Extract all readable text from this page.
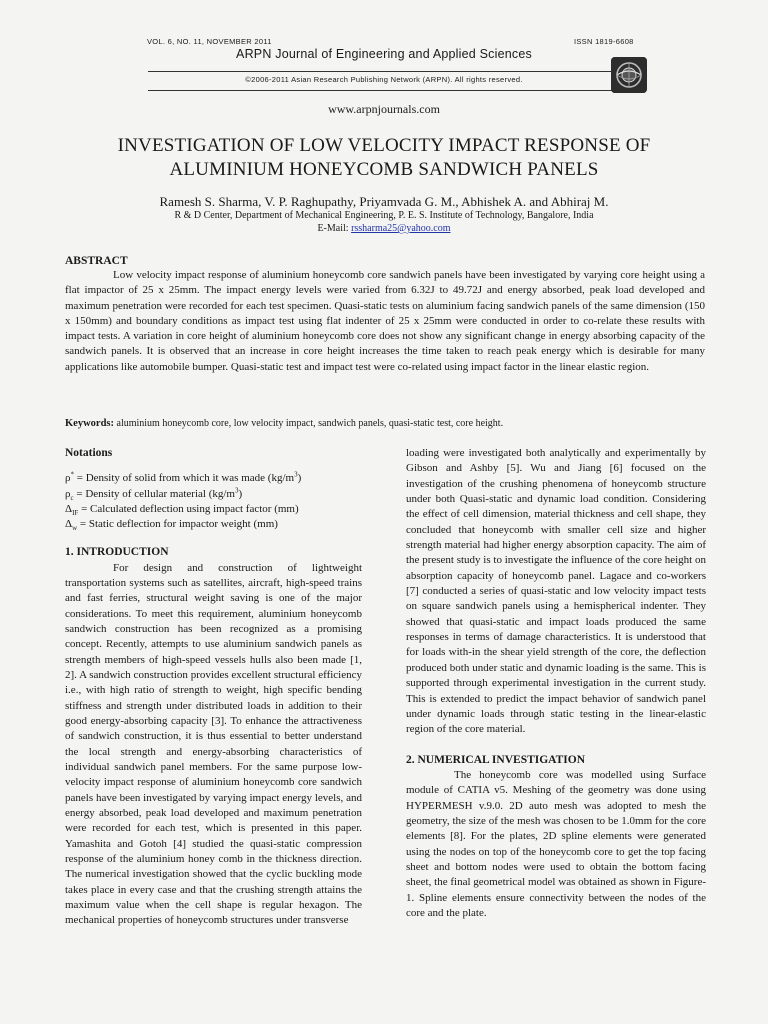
VOL. 6, NO. 11, NOVEMBER 2011	ISSN 1819-6608
ARPN Journal of Engineering and Applied Sciences
©2006-2011 Asian Research Publishing Network (ARPN). All rights reserved.
www.arpnjournals.com
INVESTIGATION OF LOW VELOCITY IMPACT RESPONSE OF
ALUMINIUM HONEYCOMB SANDWICH PANELS
Ramesh S. Sharma, V. P. Raghupathy, Priyamvada G. M., Abhishek A. and Abhiraj M.
R & D Center, Department of Mechanical Engineering, P. E. S. Institute of Technology, Bangalore, India
E-Mail: rssharma25@yahoo.com
ABSTRACT

Low velocity impact response of aluminium honeycomb core sandwich panels have been investigated by varying core height using a flat impactor of 25 x 25mm. The impact energy levels were varied from 6.32J to 49.72J and energy absorbed, peak load developed and maximum penetration were recorded for each test specimen. Quasi-static tests on aluminium facing sandwich panels of the same dimension (150 x 150mm) and boundary conditions as impact test using flat indenter of 25 x 25mm were conducted in order to co-relate these results with impact tests. A variation in core height of aluminium honeycomb core does not show any significant change in energy absorbing capacity of the sandwich panels. It is observed that an increase in core height increases the time taken to reach peak energy which is desirable for many applications like automobile bumper. Quasi-static test and impact test were co-related using impact factor in the linear elastic region.

Keywords: aluminium honeycomb core, low velocity impact, sandwich panels, quasi-static test, core height.

Notations

ρ* = Density of solid from which it was made $(kg/m^3)$
$\rho_c$ = Density of cellular material $(kg/m^3)$
$\Delta_{IF}$ = Calculated deflection using impact factor (mm)
$\Delta_w$ = Static deflection for impactor weight (mm)

1. INTRODUCTION

For design and construction of lightweight transportation systems such as satellites, aircraft, high-speed trains and fast ferries, structural weight saving is one of the major considerations. To meet this requirement, aluminium honeycomb sandwich construction has been recognized as a promising concept. Recently, attempts to use aluminium sandwich panels as strength members of high-speed vessels hulls also been made [1, 2]. A sandwich construction provides excellent structural efficiency i.e., with high ratio of strength to weight, high specific bending stiffness and strength under distributed loads in addition to their good energy-absorbing capacity [3]. To enhance the attractiveness of sandwich construction, it is thus essential to better understand the local strength and energy-absorbing characteristics of individual sandwich panel members. For the same purpose low-velocity impact response of aluminium honeycomb core sandwich panels have been investigated by varying impact energy levels, and energy absorbed, peak load developed and maximum penetration were recorded for each test, which is presented in this paper. Yamashita and Gotoh [4] studied the quasi-static compression response of the aluminium honey comb in the thickness direction. The numerical investigation showed that the cyclic buckling mode takes place in every case and that the crushing strength attains the maximum value when the cell shape is regular hexagon. The mechanical properties of honeycomb structures under transverse

loading were investigated both analytically and experimentally by Gibson and Ashby [5]. Wu and Jiang [6] focused on the investigation of the crushing phenomena of honeycomb structure under both Quasi-static and dynamic load condition. Considering the effect of cell dimension, material thickness and cell shape, they concluded that honeycomb with smaller cell size and higher strength material had higher energy absorption capacity. The aim of the present study is to investigate the influence of the core height on absorption capacity of honeycomb panel. Lagace and co-workers [7] conducted a series of quasi-static and low velocity impact tests on square sandwich panels using a hemispherical indenter. They showed that quasi-static and impact loads produced the same responses in terms of damage characteristics. It is understood that for loads with-in the shear yield strength of the core, the deflection produced both under static and dynamic loading is the same. This is supported through experimental investigation in the current study. This is extended to predict the impact behavior of sandwich panel under dynamic loads through static testing in the linear-elastic region of the core material.

2. NUMERICAL INVESTIGATION

The honeycomb core was modelled using Surface module of CATIA v5. Meshing of the geometry was done using HYPERMESH v.9.0. 2D auto mesh was adopted to mesh the geometry, the size of the mesh was chosen to be 1.0mm for the core elements [8]. For the plates, 2D spline elements were generated using the nodes on top of the honeycomb core to get the top facing sheet and bottom nodes were used to obtain the bottom facing sheet, the final geometrical model was obtained as shown in Figure-1. Spline elements ensure connectivity between the nodes of the core and the plate.
